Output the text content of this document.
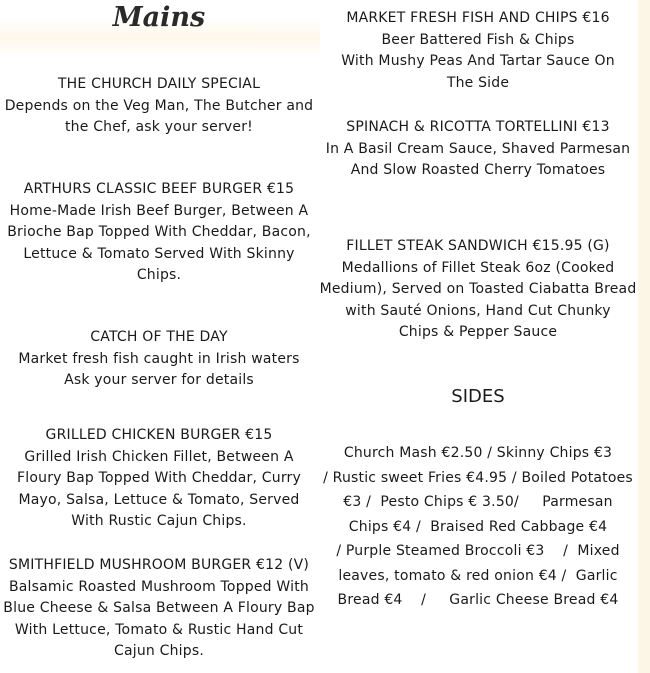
Mains
THE CHURCH DAILY SPECIAL
Depends on the Veg Man, The Butcher and
the Chef, ask your server!
ARTHURS CLASSIC BEEF BURGER €15
Home-Made Irish Beef Burger, Between A
Brioche Bap Topped With Cheddar, Bacon,
Lettuce & Tomato Served With Skinny
Chips.
CATCH OF THE DAY
Market fresh fish caught in Irish waters
Ask your server for details
GRILLED CHICKEN BURGER €15
Grilled Irish Chicken Fillet, Between A
Floury Bap Topped With Cheddar, Curry
Mayo, Salsa, Lettuce & Tomato, Served
With Rustic Cajun Chips.
SMITHFIELD MUSHROOM BURGER €12 (V)
Balsamic Roasted Mushroom Topped With
Blue Cheese & Salsa Between A Floury Bap
With Lettuce, Tomato & Rustic Hand Cut
Cajun Chips.
MARKET FRESH FISH AND CHIPS €16
Beer Battered Fish & Chips
With Mushy Peas And Tartar Sauce On
The Side
SPINACH & RICOTTA TORTELLINI €13
In A Basil Cream Sauce, Shaved Parmesan
And Slow Roasted Cherry Tomatoes
FILLET STEAK SANDWICH €15.95 (G)
Medallions of Fillet Steak 6oz (Cooked
Medium), Served on Toasted Ciabatta Bread
with Sauté Onions, Hand Cut Chunky
Chips & Pepper Sauce
SIDES
Church Mash €2.50 / Skinny Chips €3
/ Rustic sweet Fries €4.95 / Boiled Potatoes
€3 /  Pesto Chips € 3.50/     Parmesan
Chips €4 /  Braised Red Cabbage €4
/ Purple Steamed Broccoli €3    /  Mixed
leaves, tomato & red onion €4 /  Garlic
Bread €4    /     Garlic Cheese Bread €4
